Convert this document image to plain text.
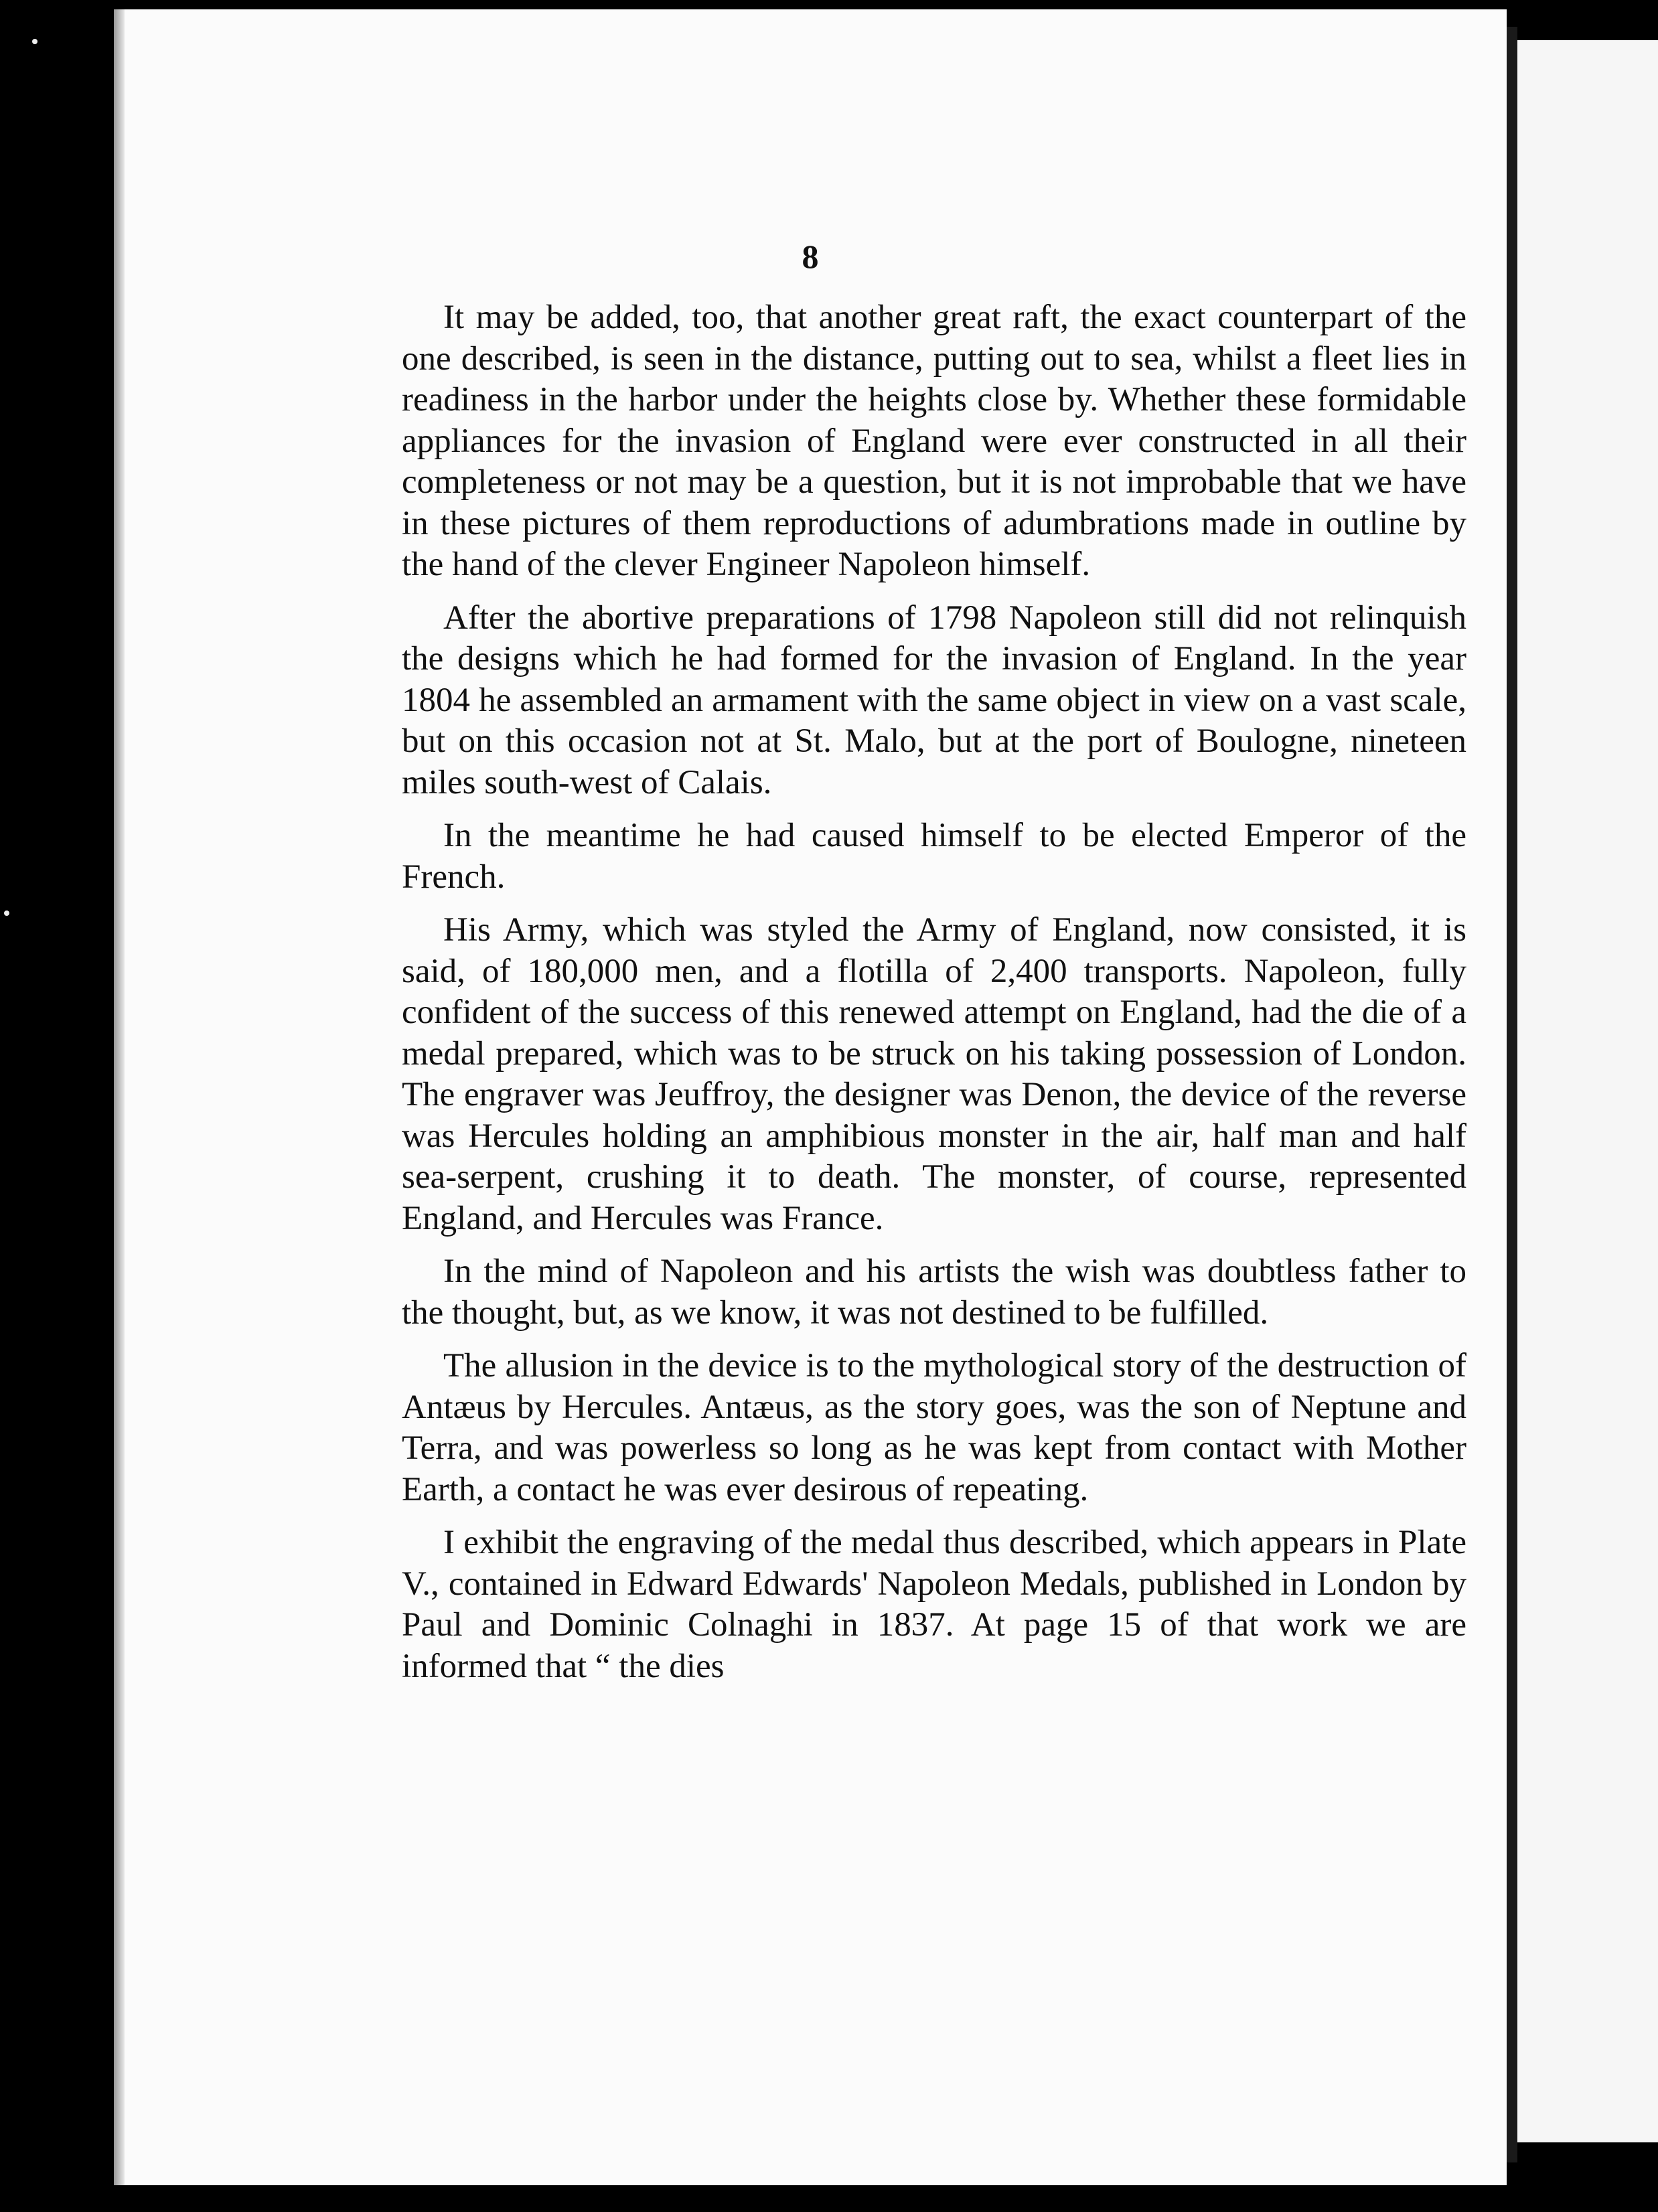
8

It may be added, too, that another great raft, the exact counterpart of the one described, is seen in the distance, putting out to sea, whilst a fleet lies in readiness in the harbor under the heights close by. Whether these formidable appliances for the invasion of England were ever constructed in all their completeness or not may be a question, but it is not improbable that we have in these pictures of them reproductions of adumbrations made in outline by the hand of the clever Engineer Napoleon himself.

After the abortive preparations of 1798 Napoleon still did not relinquish the designs which he had formed for the invasion of England. In the year 1804 he assembled an armament with the same object in view on a vast scale, but on this occasion not at St. Malo, but at the port of Boulogne, nineteen miles south-west of Calais.

In the meantime he had caused himself to be elected Emperor of the French.

His Army, which was styled the Army of England, now consisted, it is said, of 180,000 men, and a flotilla of 2,400 transports. Napoleon, fully confident of the success of this renewed attempt on England, had the die of a medal prepared, which was to be struck on his taking possession of London. The engraver was Jeuffroy, the designer was Denon, the device of the reverse was Hercules holding an amphibious monster in the air, half man and half sea-serpent, crushing it to death. The monster, of course, represented England, and Hercules was France.

In the mind of Napoleon and his artists the wish was doubtless father to the thought, but, as we know, it was not destined to be fulfilled.

The allusion in the device is to the mythological story of the destruction of Antæus by Hercules. Antæus, as the story goes, was the son of Neptune and Terra, and was powerless so long as he was kept from contact with Mother Earth, a contact he was ever desirous of repeating.

I exhibit the engraving of the medal thus described, which appears in Plate V., contained in Edward Edwards' Napoleon Medals, published in London by Paul and Dominic Colnaghi in 1837. At page 15 of that work we are informed that “ the dies
